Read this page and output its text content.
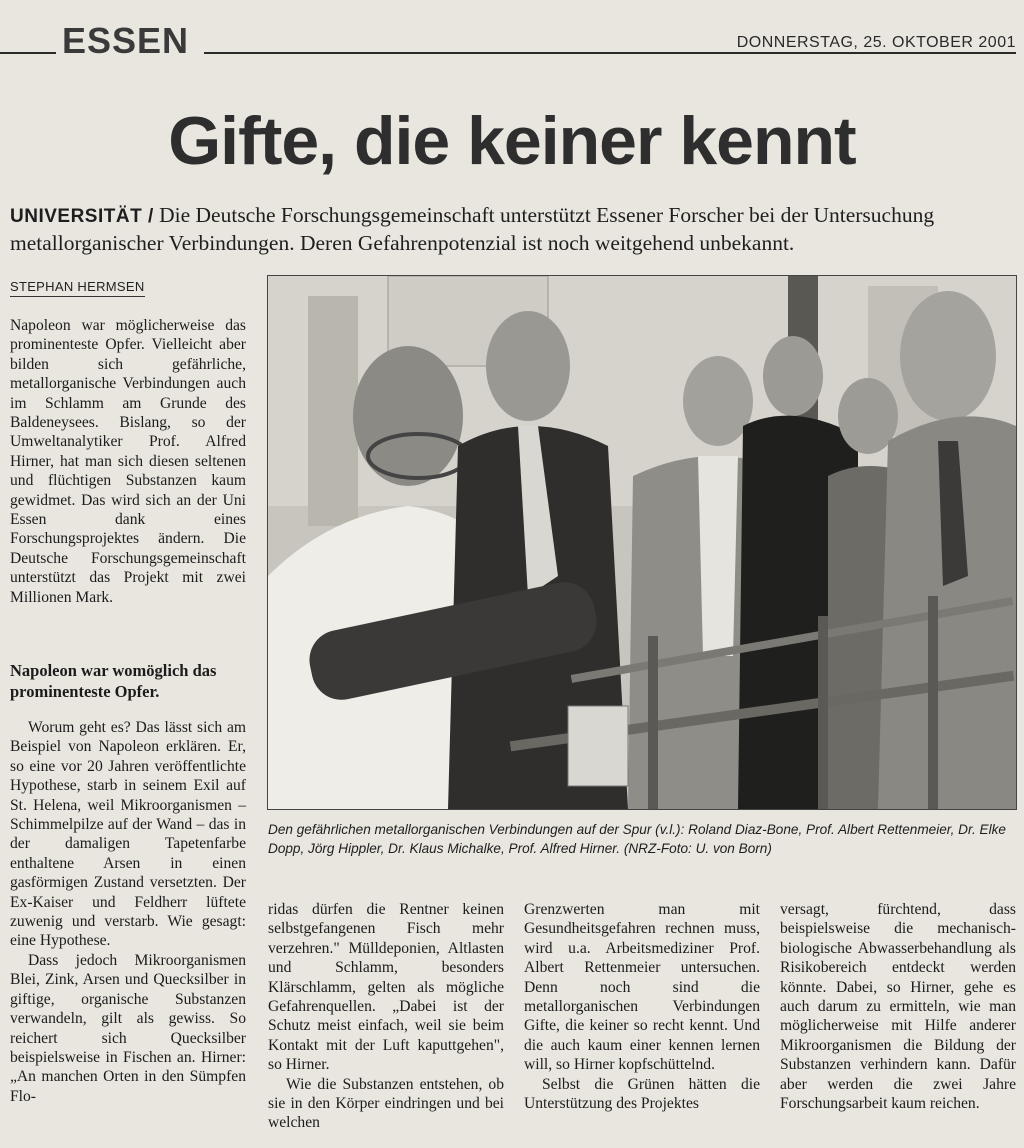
ESSEN	DONNERSTAG, 25. OKTOBER 2001
Gifte, die keiner kennt
UNIVERSITÄT / Die Deutsche Forschungsgemeinschaft unterstützt Essener Forscher bei der Untersuchung metallorganischer Verbindungen. Deren Gefahrenpotenzial ist noch weitgehend unbekannt.
STEPHAN HERMSEN

Napoleon war möglicherweise das prominenteste Opfer. Vielleicht aber bilden sich gefährliche, metallorganische Verbindungen auch im Schlamm am Grunde des Baldeneysees. Bislang, so der Umweltanalytiker Prof. Alfred Hirner, hat man sich diesen seltenen und flüchtigen Substanzen kaum gewidmet. Das wird sich an der Uni Essen dank eines Forschungsprojektes ändern. Die Deutsche Forschungsgemeinschaft unterstützt das Projekt mit zwei Millionen Mark.

Napoleon war womöglich das prominenteste Opfer.

Worum geht es? Das lässt sich am Beispiel von Napoleon erklären. Er, so eine vor 20 Jahren veröffentlichte Hypothese, starb in seinem Exil auf St. Helena, weil Mikroorganismen – Schimmelpilze auf der Wand – das in der damaligen Tapetenfarbe enthaltene Arsen in einen gasförmigen Zustand versetzten. Der Ex-Kaiser und Feldherr lüftete zuwenig und verstarb. Wie gesagt: eine Hypothese.

Dass jedoch Mikroorganismen Blei, Zink, Arsen und Quecksilber in giftige, organische Substanzen verwandeln, gilt als gewiss. So reichert sich Quecksilber beispielsweise in Fischen an. Hirner: „An manchen Orten in den Sümpfen Flo-

Den gefährlichen metallorganischen Verbindungen auf der Spur (v.l.): Roland Diaz-Bone, Prof. Albert Rettenmeier, Dr. Elke Dopp, Jörg Hippler, Dr. Klaus Michalke, Prof. Alfred Hirner. (NRZ-Foto: U. von Born)

ridas dürfen die Rentner keinen selbstgefangenen Fisch mehr verzehren." Mülldeponien, Altlasten und Schlamm, besonders Klärschlamm, gelten als mögliche Gefahrenquellen. „Dabei ist der Schutz meist einfach, weil sie beim Kontakt mit der Luft kaputtgehen", so Hirner.

Wie die Substanzen entstehen, ob sie in den Körper eindringen und bei welchen

Grenzwerten man mit Gesundheitsgefahren rechnen muss, wird u.a. Arbeitsmediziner Prof. Albert Rettenmeier untersuchen. Denn noch sind die metallorganischen Verbindungen Gifte, die keiner so recht kennt. Und die auch kaum einer kennen lernen will, so Hirner kopfschüttelnd.

Selbst die Grünen hätten die Unterstützung des Projektes

versagt, fürchtend, dass beispielsweise die mechanisch-biologische Abwasserbehandlung als Risikobereich entdeckt werden könnte. Dabei, so Hirner, gehe es auch darum zu ermitteln, wie man möglicherweise mit Hilfe anderer Mikroorganismen die Bildung der Substanzen verhindern kann. Dafür aber werden die zwei Jahre Forschungsarbeit kaum reichen.
